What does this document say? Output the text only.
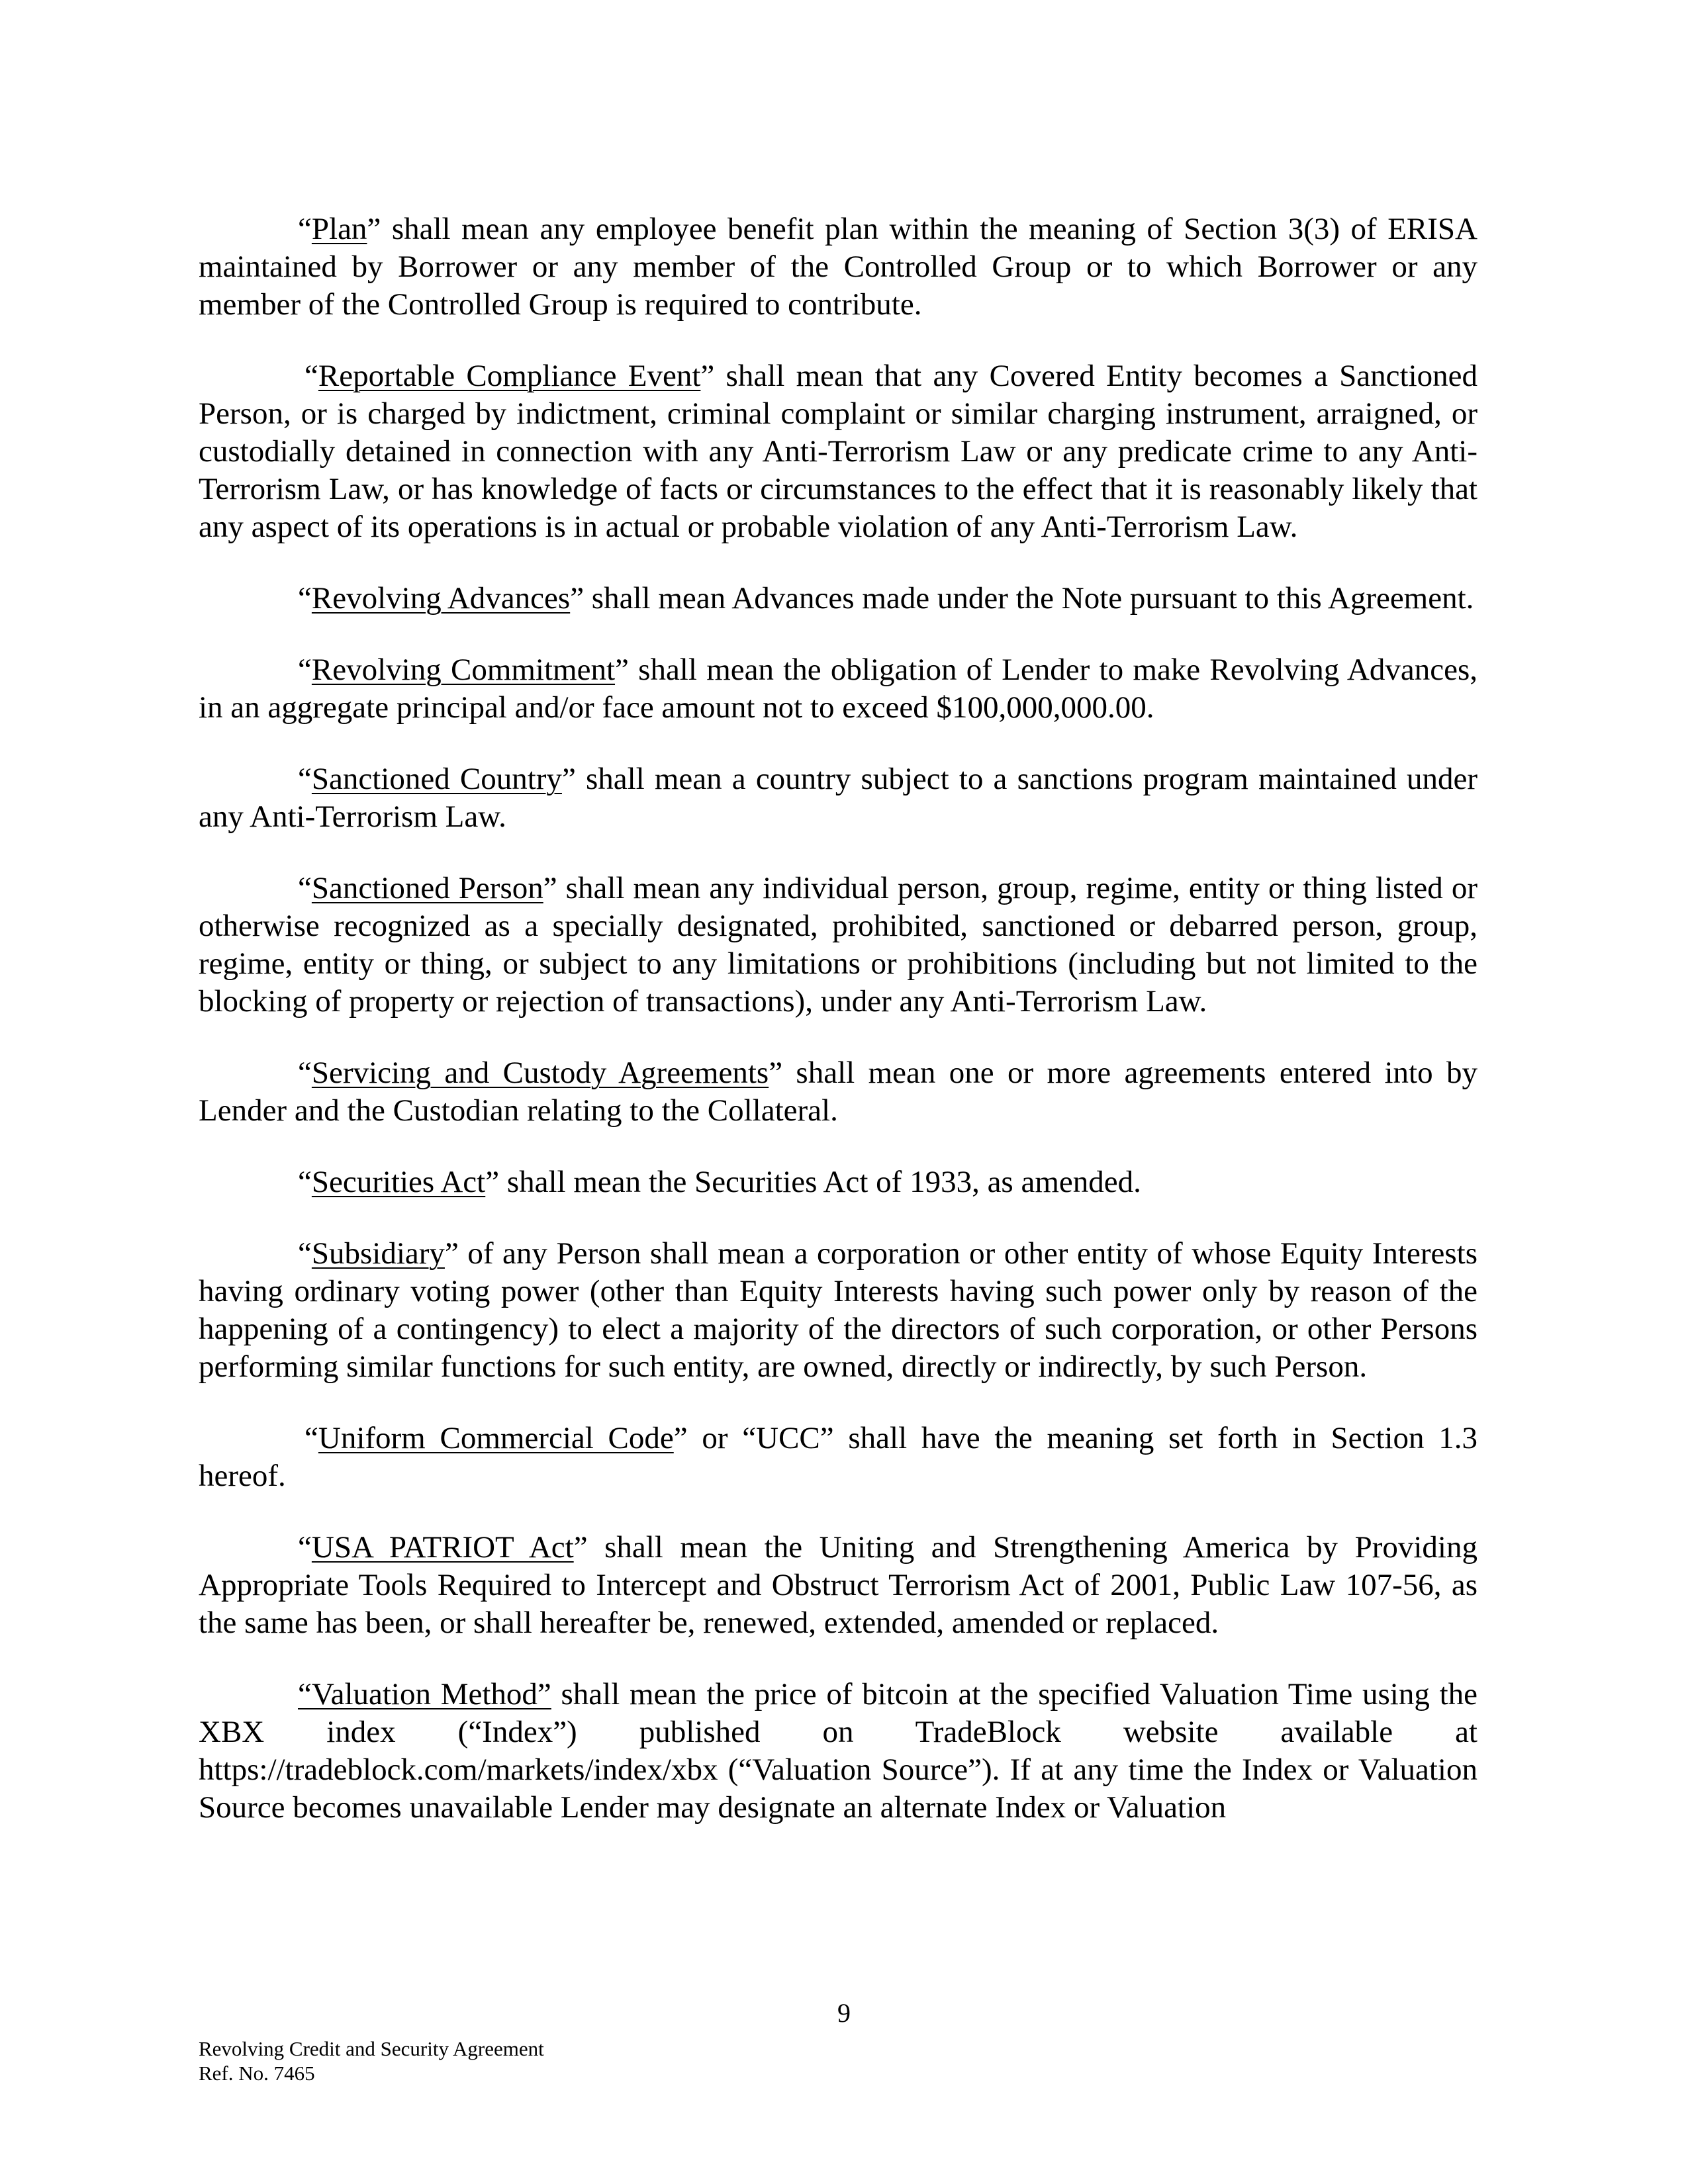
“Plan” shall mean any employee benefit plan within the meaning of Section 3(3) of ERISA maintained by Borrower or any member of the Controlled Group or to which Borrower or any member of the Controlled Group is required to contribute.

“Reportable Compliance Event” shall mean that any Covered Entity becomes a Sanctioned Person, or is charged by indictment, criminal complaint or similar charging instrument, arraigned, or custodially detained in connection with any Anti-Terrorism Law or any predicate crime to any Anti-Terrorism Law, or has knowledge of facts or circumstances to the effect that it is reasonably likely that any aspect of its operations is in actual or probable violation of any Anti-Terrorism Law.

“Revolving Advances” shall mean Advances made under the Note pursuant to this Agreement.

“Revolving Commitment” shall mean the obligation of Lender to make Revolving Advances, in an aggregate principal and/or face amount not to exceed $100,000,000.00.

“Sanctioned Country” shall mean a country subject to a sanctions program maintained under any Anti-Terrorism Law.

“Sanctioned Person” shall mean any individual person, group, regime, entity or thing listed or otherwise recognized as a specially designated, prohibited, sanctioned or debarred person, group, regime, entity or thing, or subject to any limitations or prohibitions (including but not limited to the blocking of property or rejection of transactions), under any Anti-Terrorism Law.

“Servicing and Custody Agreements” shall mean one or more agreements entered into by Lender and the Custodian relating to the Collateral.

“Securities Act” shall mean the Securities Act of 1933, as amended.

“Subsidiary” of any Person shall mean a corporation or other entity of whose Equity Interests having ordinary voting power (other than Equity Interests having such power only by reason of the happening of a contingency) to elect a majority of the directors of such corporation, or other Persons performing similar functions for such entity, are owned, directly or indirectly, by such Person.

“Uniform Commercial Code” or “UCC” shall have the meaning set forth in Section 1.3 hereof.

“USA PATRIOT Act” shall mean the Uniting and Strengthening America by Providing Appropriate Tools Required to Intercept and Obstruct Terrorism Act of 2001, Public Law 107-56, as the same has been, or shall hereafter be, renewed, extended, amended or replaced.

“Valuation Method” shall mean the price of bitcoin at the specified Valuation Time using the XBX index (“Index”) published on TradeBlock website available at https://tradeblock.com/markets/index/xbx (“Valuation Source”). If at any time the Index or Valuation Source becomes unavailable Lender may designate an alternate Index or Valuation

9
Revolving Credit and Security Agreement
Ref. No. 7465
